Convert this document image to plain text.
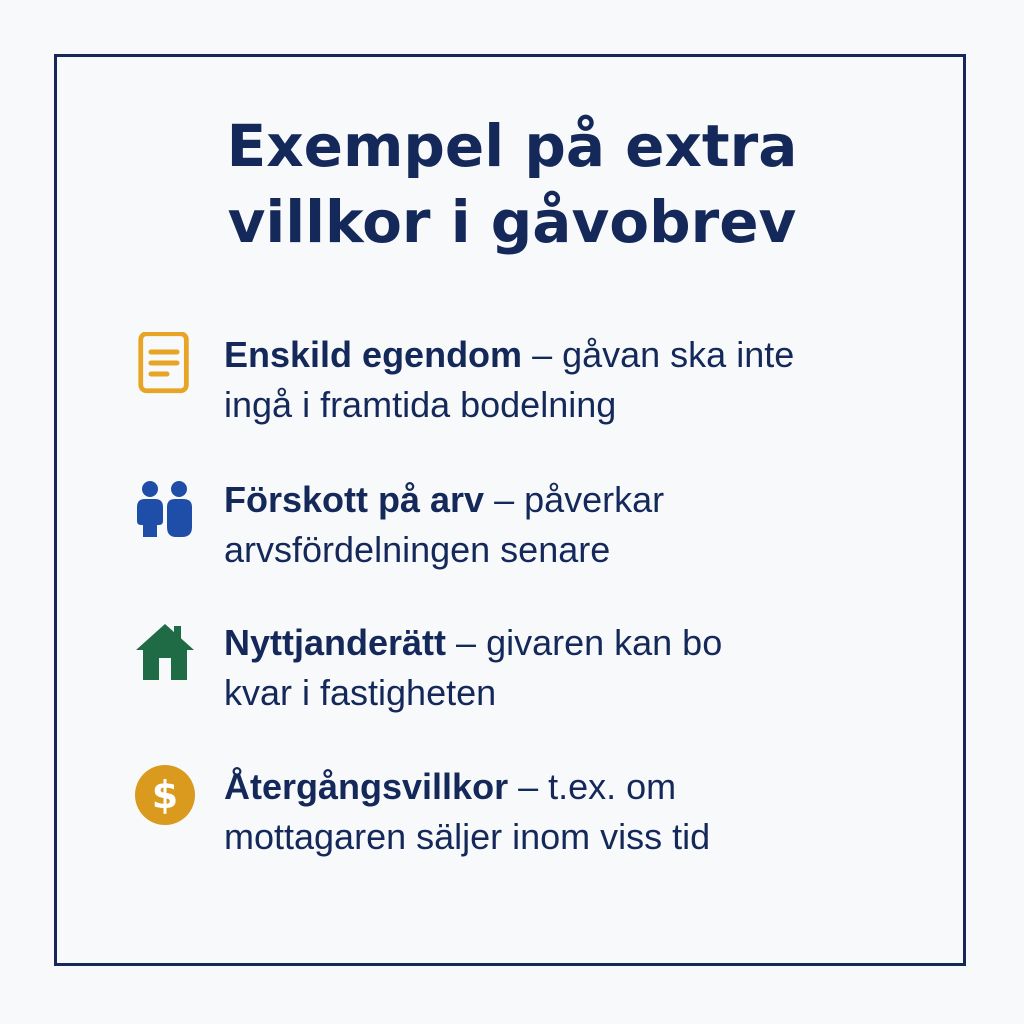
Exempel på extra
villkor i gåvobrev

Enskild egendom – gåvan ska inte
ingå i framtida bodelning

Förskott på arv – påverkar
arvsfördelningen senare

Nyttjanderätt – givaren kan bo
kvar i fastigheten

$ Återgångsvillkor – t.ex. om
mottagaren säljer inom viss tid
